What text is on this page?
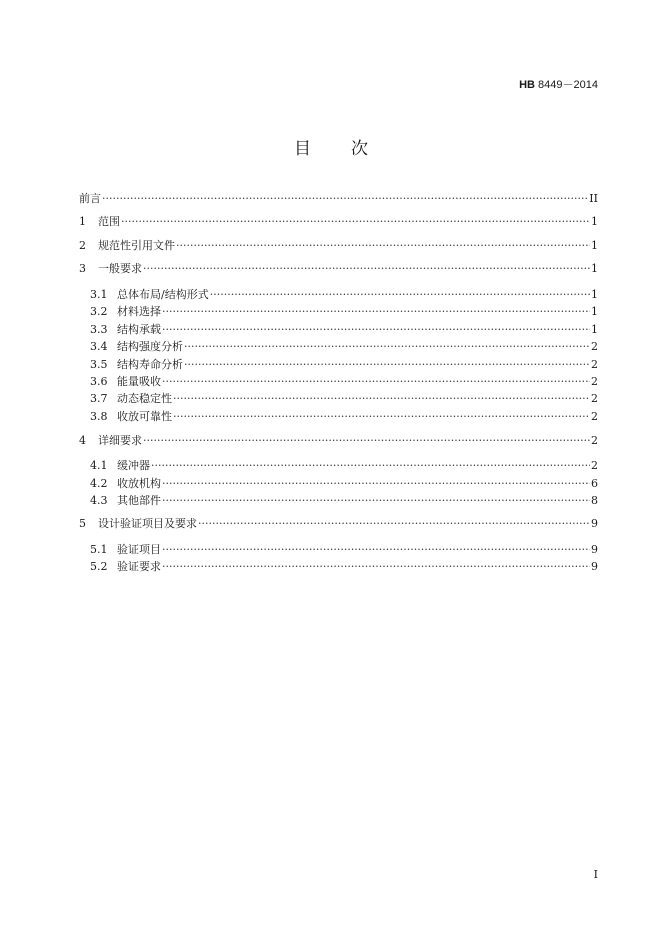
HB 8449－2014
目 次
前言 ·····	II
1	范围 ·····	1
2	规范性引用文件 ·····	1
3	一般要求 ·····	1
3.1 总体布局/结构形式 ·····	1
3.2 材料选择 ·····	1
3.3 结构承载 ·····	1
3.4 结构强度分析 ·····	2
3.5 结构寿命分析 ·····	2
3.6 能量吸收 ·····	2
3.7 动态稳定性 ·····	2
3.8 收放可靠性 ·····	2
4	详细要求 ·····	2
4.1 缓冲器 ·····	2
4.2 收放机构 ·····	6
4.3 其他部件 ·····	8
5	设计验证项目及要求 ·····	9
5.1 验证项目 ·····	9
5.2 验证要求 ·····	9
I
